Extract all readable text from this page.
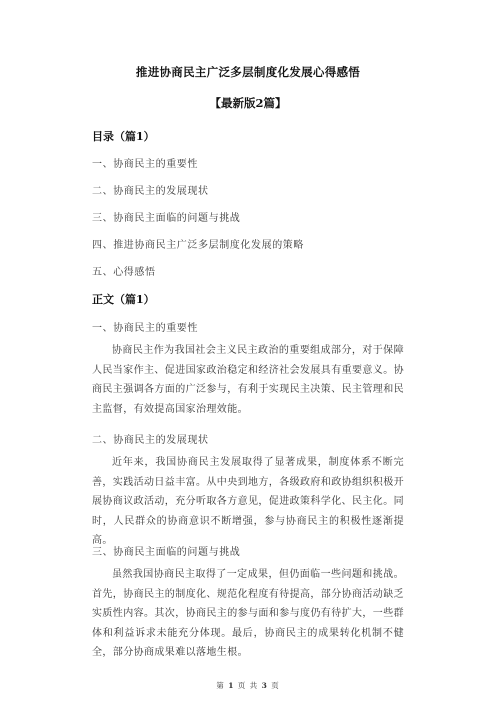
推进协商民主广泛多层制度化发展心得感悟
【最新版2篇】
目录（篇1）
一、协商民主的重要性
二、协商民主的发展现状
三、协商民主面临的问题与挑战
四、推进协商民主广泛多层制度化发展的策略
五、心得感悟
正文（篇1）
一、协商民主的重要性
协商民主作为我国社会主义民主政治的重要组成部分，对于保障人民当家作主、促进国家政治稳定和经济社会发展具有重要意义。协商民主强调各方面的广泛参与，有利于实现民主决策、民主管理和民主监督，有效提高国家治理效能。
二、协商民主的发展现状
近年来，我国协商民主发展取得了显著成果，制度体系不断完善，实践活动日益丰富。从中央到地方，各级政府和政协组织积极开展协商议政活动，充分听取各方意见，促进政策科学化、民主化。同时，人民群众的协商意识不断增强，参与协商民主的积极性逐渐提高。
三、协商民主面临的问题与挑战
虽然我国协商民主取得了一定成果，但仍面临一些问题和挑战。首先，协商民主的制度化、规范化程度有待提高，部分协商活动缺乏实质性内容。其次，协商民主的参与面和参与度仍有待扩大，一些群体和利益诉求未能充分体现。最后，协商民主的成果转化机制不健全，部分协商成果难以落地生根。
第 1 页 共 3 页
